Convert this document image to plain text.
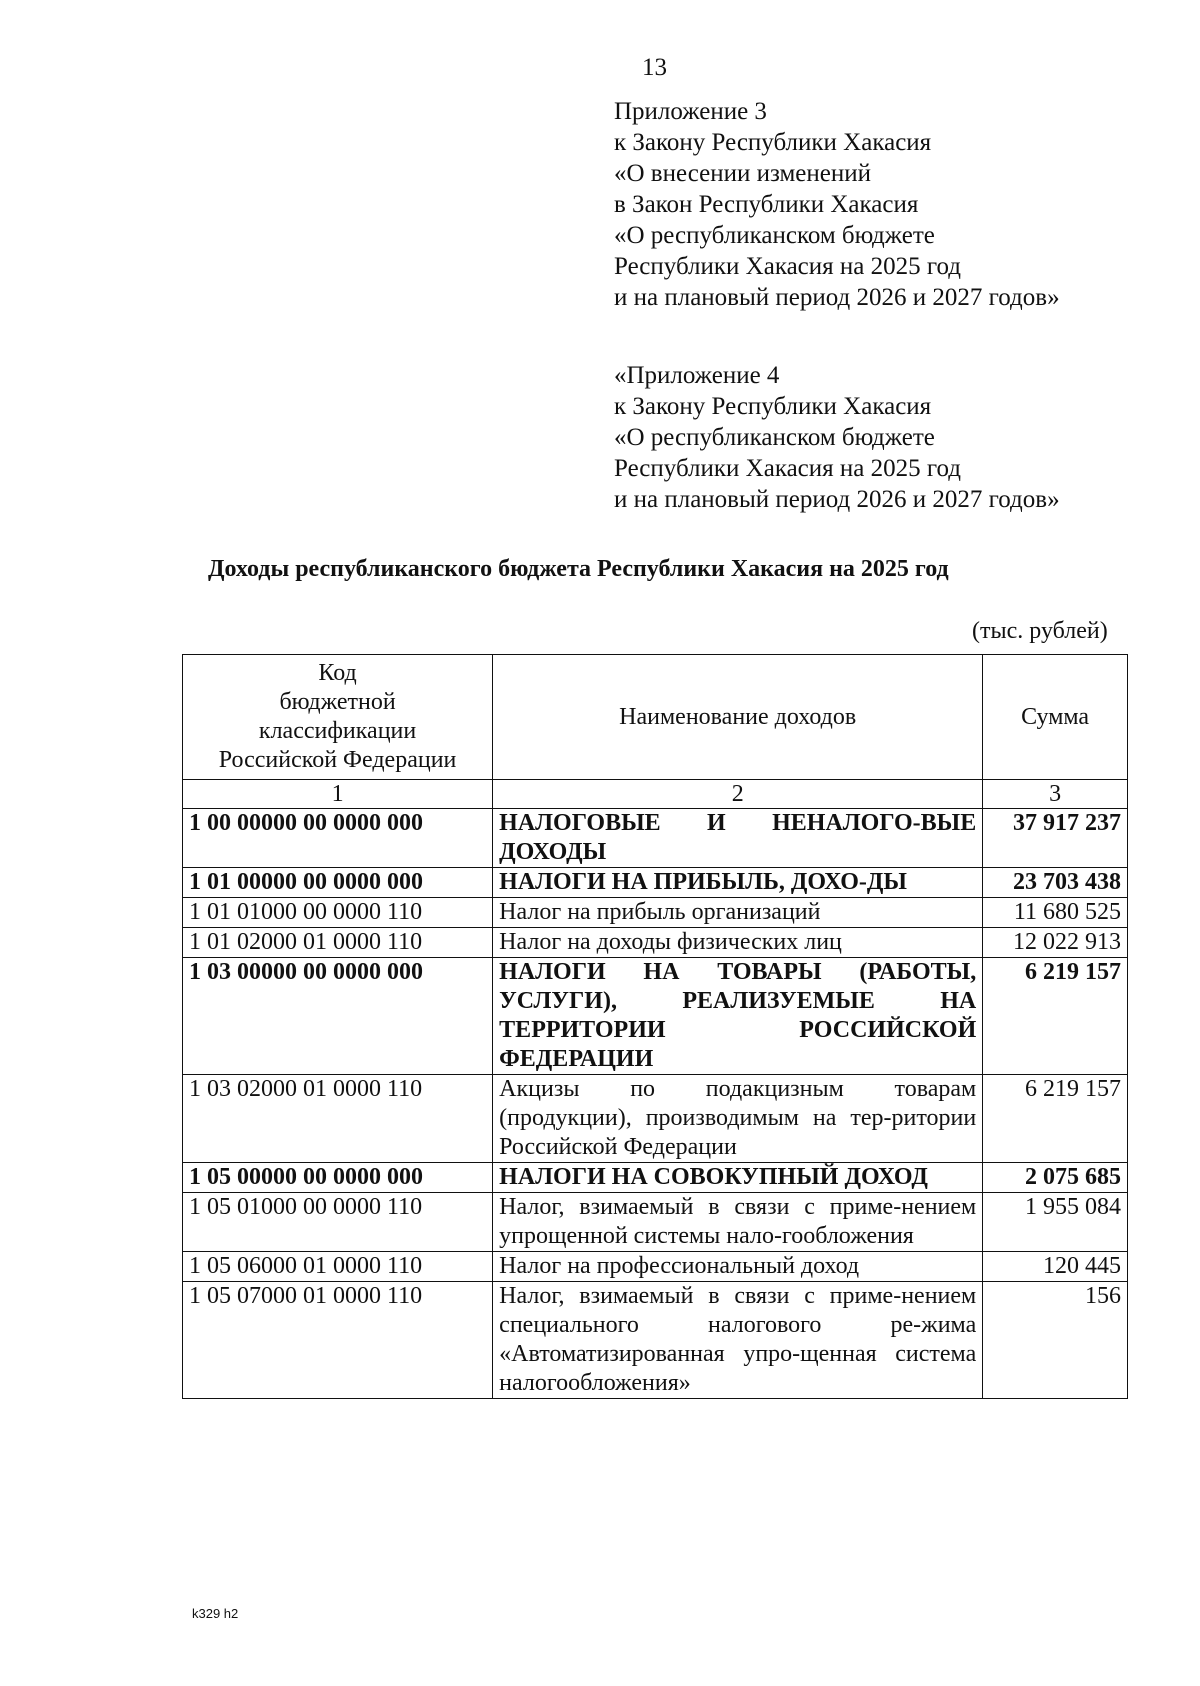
13
Приложение 3
к Закону Республики Хакасия
«О внесении изменений
в Закон Республики Хакасия
«О республиканском бюджете
Республики Хакасия на 2025 год
и на плановый период 2026 и 2027 годов»
«Приложение 4
к Закону Республики Хакасия
«О республиканском бюджете
Республики Хакасия на 2025 год
и на плановый период 2026 и 2027 годов»
Доходы республиканского бюджета Республики Хакасия на 2025 год
(тыс. рублей)
Код
бюджетной
классификации
Российской Федерации	Наименование доходов	Сумма
1	2	3
1 00 00000 00 0000 000	НАЛОГОВЫЕ И НЕНАЛОГО-ВЫЕ ДОХОДЫ	37 917 237
1 01 00000 00 0000 000	НАЛОГИ НА ПРИБЫЛЬ, ДОХО-ДЫ	23 703 438
1 01 01000 00 0000 110	Налог на прибыль организаций	11 680 525
1 01 02000 01 0000 110	Налог на доходы физических лиц	12 022 913
1 03 00000 00 0000 000	НАЛОГИ НА ТОВАРЫ (РАБОТЫ, УСЛУГИ), РЕАЛИЗУЕМЫЕ НА ТЕРРИТОРИИ РОССИЙСКОЙ ФЕДЕРАЦИИ	6 219 157
1 03 02000 01 0000 110	Акцизы по подакцизным товарам (продукции), производимым на тер-ритории Российской Федерации	6 219 157
1 05 00000 00 0000 000	НАЛОГИ НА СОВОКУПНЫЙ ДОХОД	2 075 685
1 05 01000 00 0000 110	Налог, взимаемый в связи с приме-нением упрощенной системы нало-гообложения	1 955 084
1 05 06000 01 0000 110	Налог на профессиональный доход	120 445
1 05 07000 01 0000 110	Налог, взимаемый в связи с приме-нением специального налогового ре-жима «Автоматизированная упро-щенная система налогообложения»	156
k329 h2
